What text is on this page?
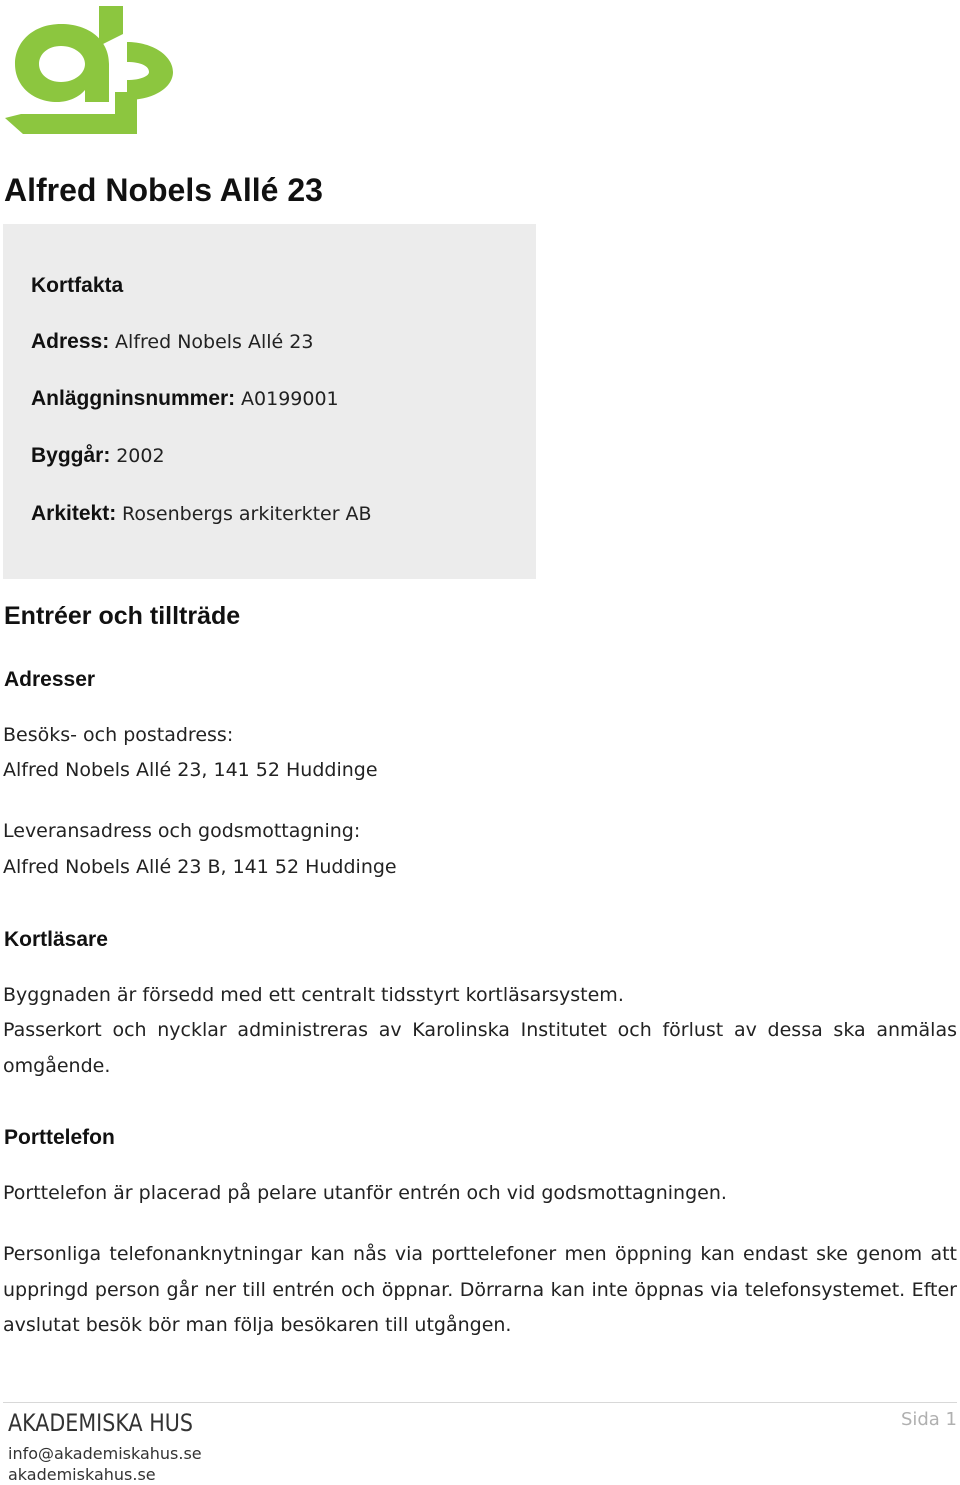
Alfred Nobels Allé 23

Kortfakta

Adress: Alfred Nobels Allé 23

Anläggninsnummer: A0199001

Byggår: 2002

Arkitekt: Rosenbergs arkiterkter AB

Entréer och tillträde
Adresser

Besöks- och postadress:

Alfred Nobels Allé 23, 141 52 Huddinge

Leveransadress och godsmottagning:

Alfred Nobels Allé 23 B, 141 52 Huddinge

Kortläsare

Byggnaden är försedd med ett centralt tidsstyrt kortläsarsystem.

Passerkort och nycklar administreras av Karolinska Institutet och förlust av dessa ska anmälas omgående.

Porttelefon

Porttelefon är placerad på pelare utanför entrén och vid godsmottagningen.

Personliga telefonanknytningar kan nås via porttelefoner men öppning kan endast ske genom att uppringd person går ner till entrén och öppnar. Dörrarna kan inte öppnas via telefonsystemet. Efter avslutat besök bör man följa besökaren till utgången.

AKADEMISKA HUS

info@akademiskahus.se

akademiskahus.se

Sida 1
